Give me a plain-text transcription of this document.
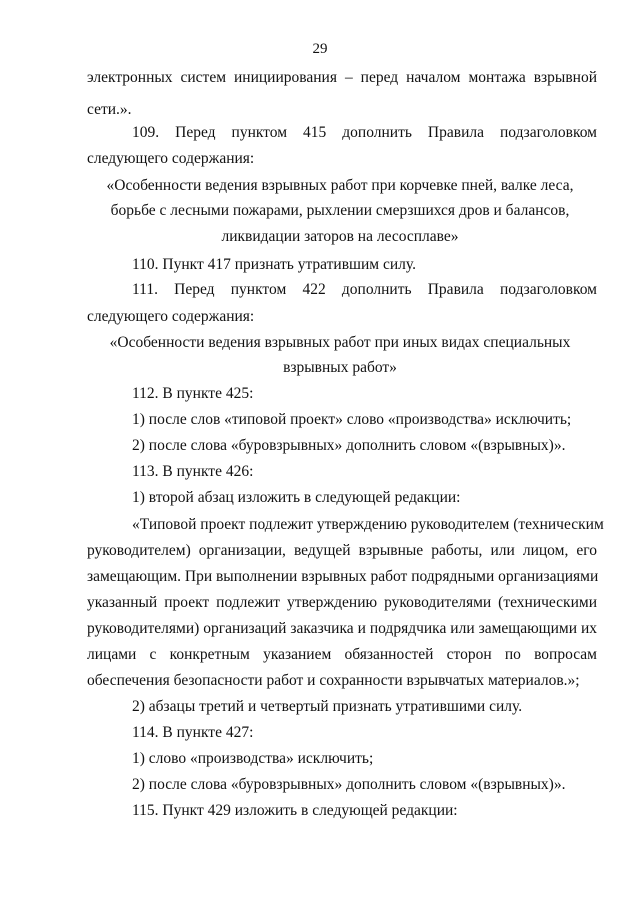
29
электронных систем инициирования – перед началом монтажа взрывной
сети.».
109. Перед пунктом 415 дополнить Правила подзаголовком
следующего содержания:
«Особенности ведения взрывных работ при корчевке пней, валке леса,
борьбе с лесными пожарами, рыхлении смерзшихся дров и балансов,
ликвидации заторов на лесосплаве»
110. Пункт 417 признать утратившим силу.
111. Перед пунктом 422 дополнить Правила подзаголовком
следующего содержания:
«Особенности ведения взрывных работ при иных видах специальных
взрывных работ»
112. В пункте 425:
1) после слов «типовой проект» слово «производства» исключить;
2) после слова «буровзрывных» дополнить словом «(взрывных)».
113. В пункте 426:
1) второй абзац изложить в следующей редакции:
«Типовой проект подлежит утверждению руководителем (техническим
руководителем) организации, ведущей взрывные работы, или лицом, его
замещающим. При выполнении взрывных работ подрядными организациями
указанный проект подлежит утверждению руководителями (техническими
руководителями) организаций заказчика и подрядчика или замещающими их
лицами с конкретным указанием обязанностей сторон по вопросам
обеспечения безопасности работ и сохранности взрывчатых материалов.»;
2) абзацы третий и четвертый признать утратившими силу.
114. В пункте 427:
1) слово «производства» исключить;
2) после слова «буровзрывных» дополнить словом «(взрывных)».
115. Пункт 429 изложить в следующей редакции:
